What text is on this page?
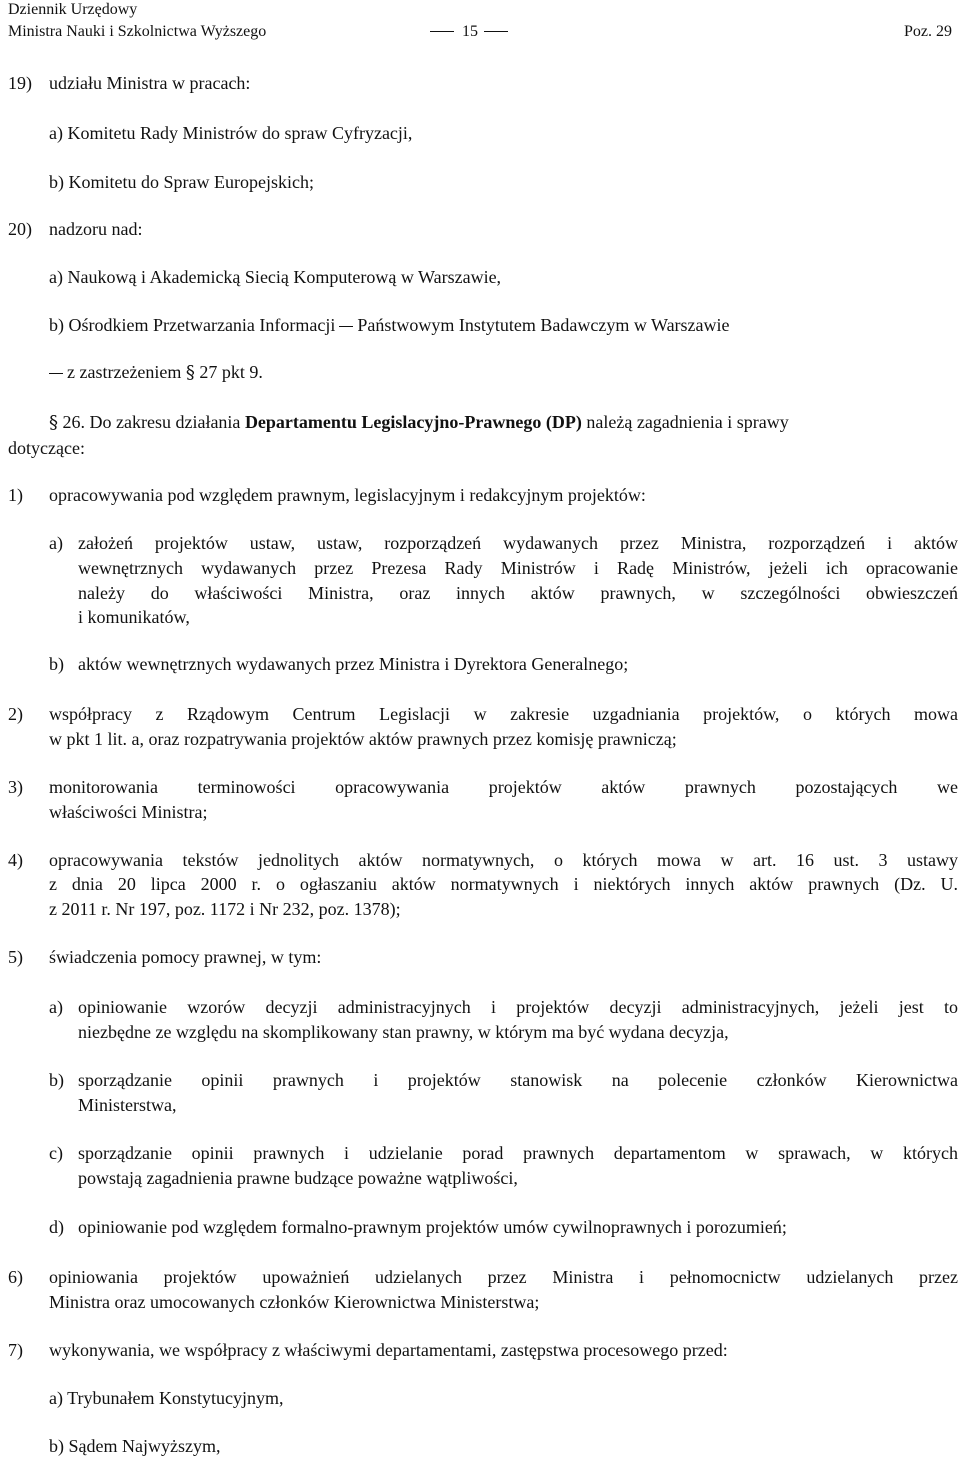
Dziennik Urzędowy
Ministra Nauki i Szkolnictwa Wyższego	15	Poz. 29
19) udziału Ministra w pracach:
a) Komitetu Rady Ministrów do spraw Cyfryzacji,
b) Komitetu do Spraw Europejskich;
20) nadzoru nad:
a) Naukową i Akademicką Siecią Komputerową w Warszawie,
b) Ośrodkiem Przetwarzania Informacji Państwowym Instytutem Badawczym w Warszawie
z zastrzeżeniem § 27 pkt 9.
§ 26. Do zakresu działania Departamentu Legislacyjno-Prawnego (DP) należą zagadnienia i sprawy
dotyczące:
1) opracowywania pod względem prawnym, legislacyjnym i redakcyjnym projektów:
a) założeń projektów ustaw, ustaw, rozporządzeń wydawanych przez Ministra, rozporządzeń i aktów
wewnętrznych wydawanych przez Prezesa Rady Ministrów i Radę Ministrów, jeżeli ich opracowanie
należy do właściwości Ministra, oraz innych aktów prawnych, w szczególności obwieszczeń
i komunikatów,
b) aktów wewnętrznych wydawanych przez Ministra i Dyrektora Generalnego;
2) współpracy z Rządowym Centrum Legislacji w zakresie uzgadniania projektów, o których mowa
w pkt 1 lit. a, oraz rozpatrywania projektów aktów prawnych przez komisję prawniczą;
3) monitorowania terminowości opracowywania projektów aktów prawnych pozostających we
właściwości Ministra;
4) opracowywania tekstów jednolitych aktów normatywnych, o których mowa w art. 16 ust. 3 ustawy
z dnia 20 lipca 2000 r. o ogłaszaniu aktów normatywnych i niektórych innych aktów prawnych (Dz. U.
z 2011 r. Nr 197, poz. 1172 i Nr 232, poz. 1378);
5) świadczenia pomocy prawnej, w tym:
a) opiniowanie wzorów decyzji administracyjnych i projektów decyzji administracyjnych, jeżeli jest to
niezbędne ze względu na skomplikowany stan prawny, w którym ma być wydana decyzja,
b) sporządzanie opinii prawnych i projektów stanowisk na polecenie członków Kierownictwa
Ministerstwa,
c) sporządzanie opinii prawnych i udzielanie porad prawnych departamentom w sprawach, w których
powstają zagadnienia prawne budzące poważne wątpliwości,
d) opiniowanie pod względem formalno-prawnym projektów umów cywilnoprawnych i porozumień;
6) opiniowania projektów upoważnień udzielanych przez Ministra i pełnomocnictw udzielanych przez
Ministra oraz umocowanych członków Kierownictwa Ministerstwa;
7) wykonywania, we współpracy z właściwymi departamentami, zastępstwa procesowego przed:
a) Trybunałem Konstytucyjnym,
b) Sądem Najwyższym,
